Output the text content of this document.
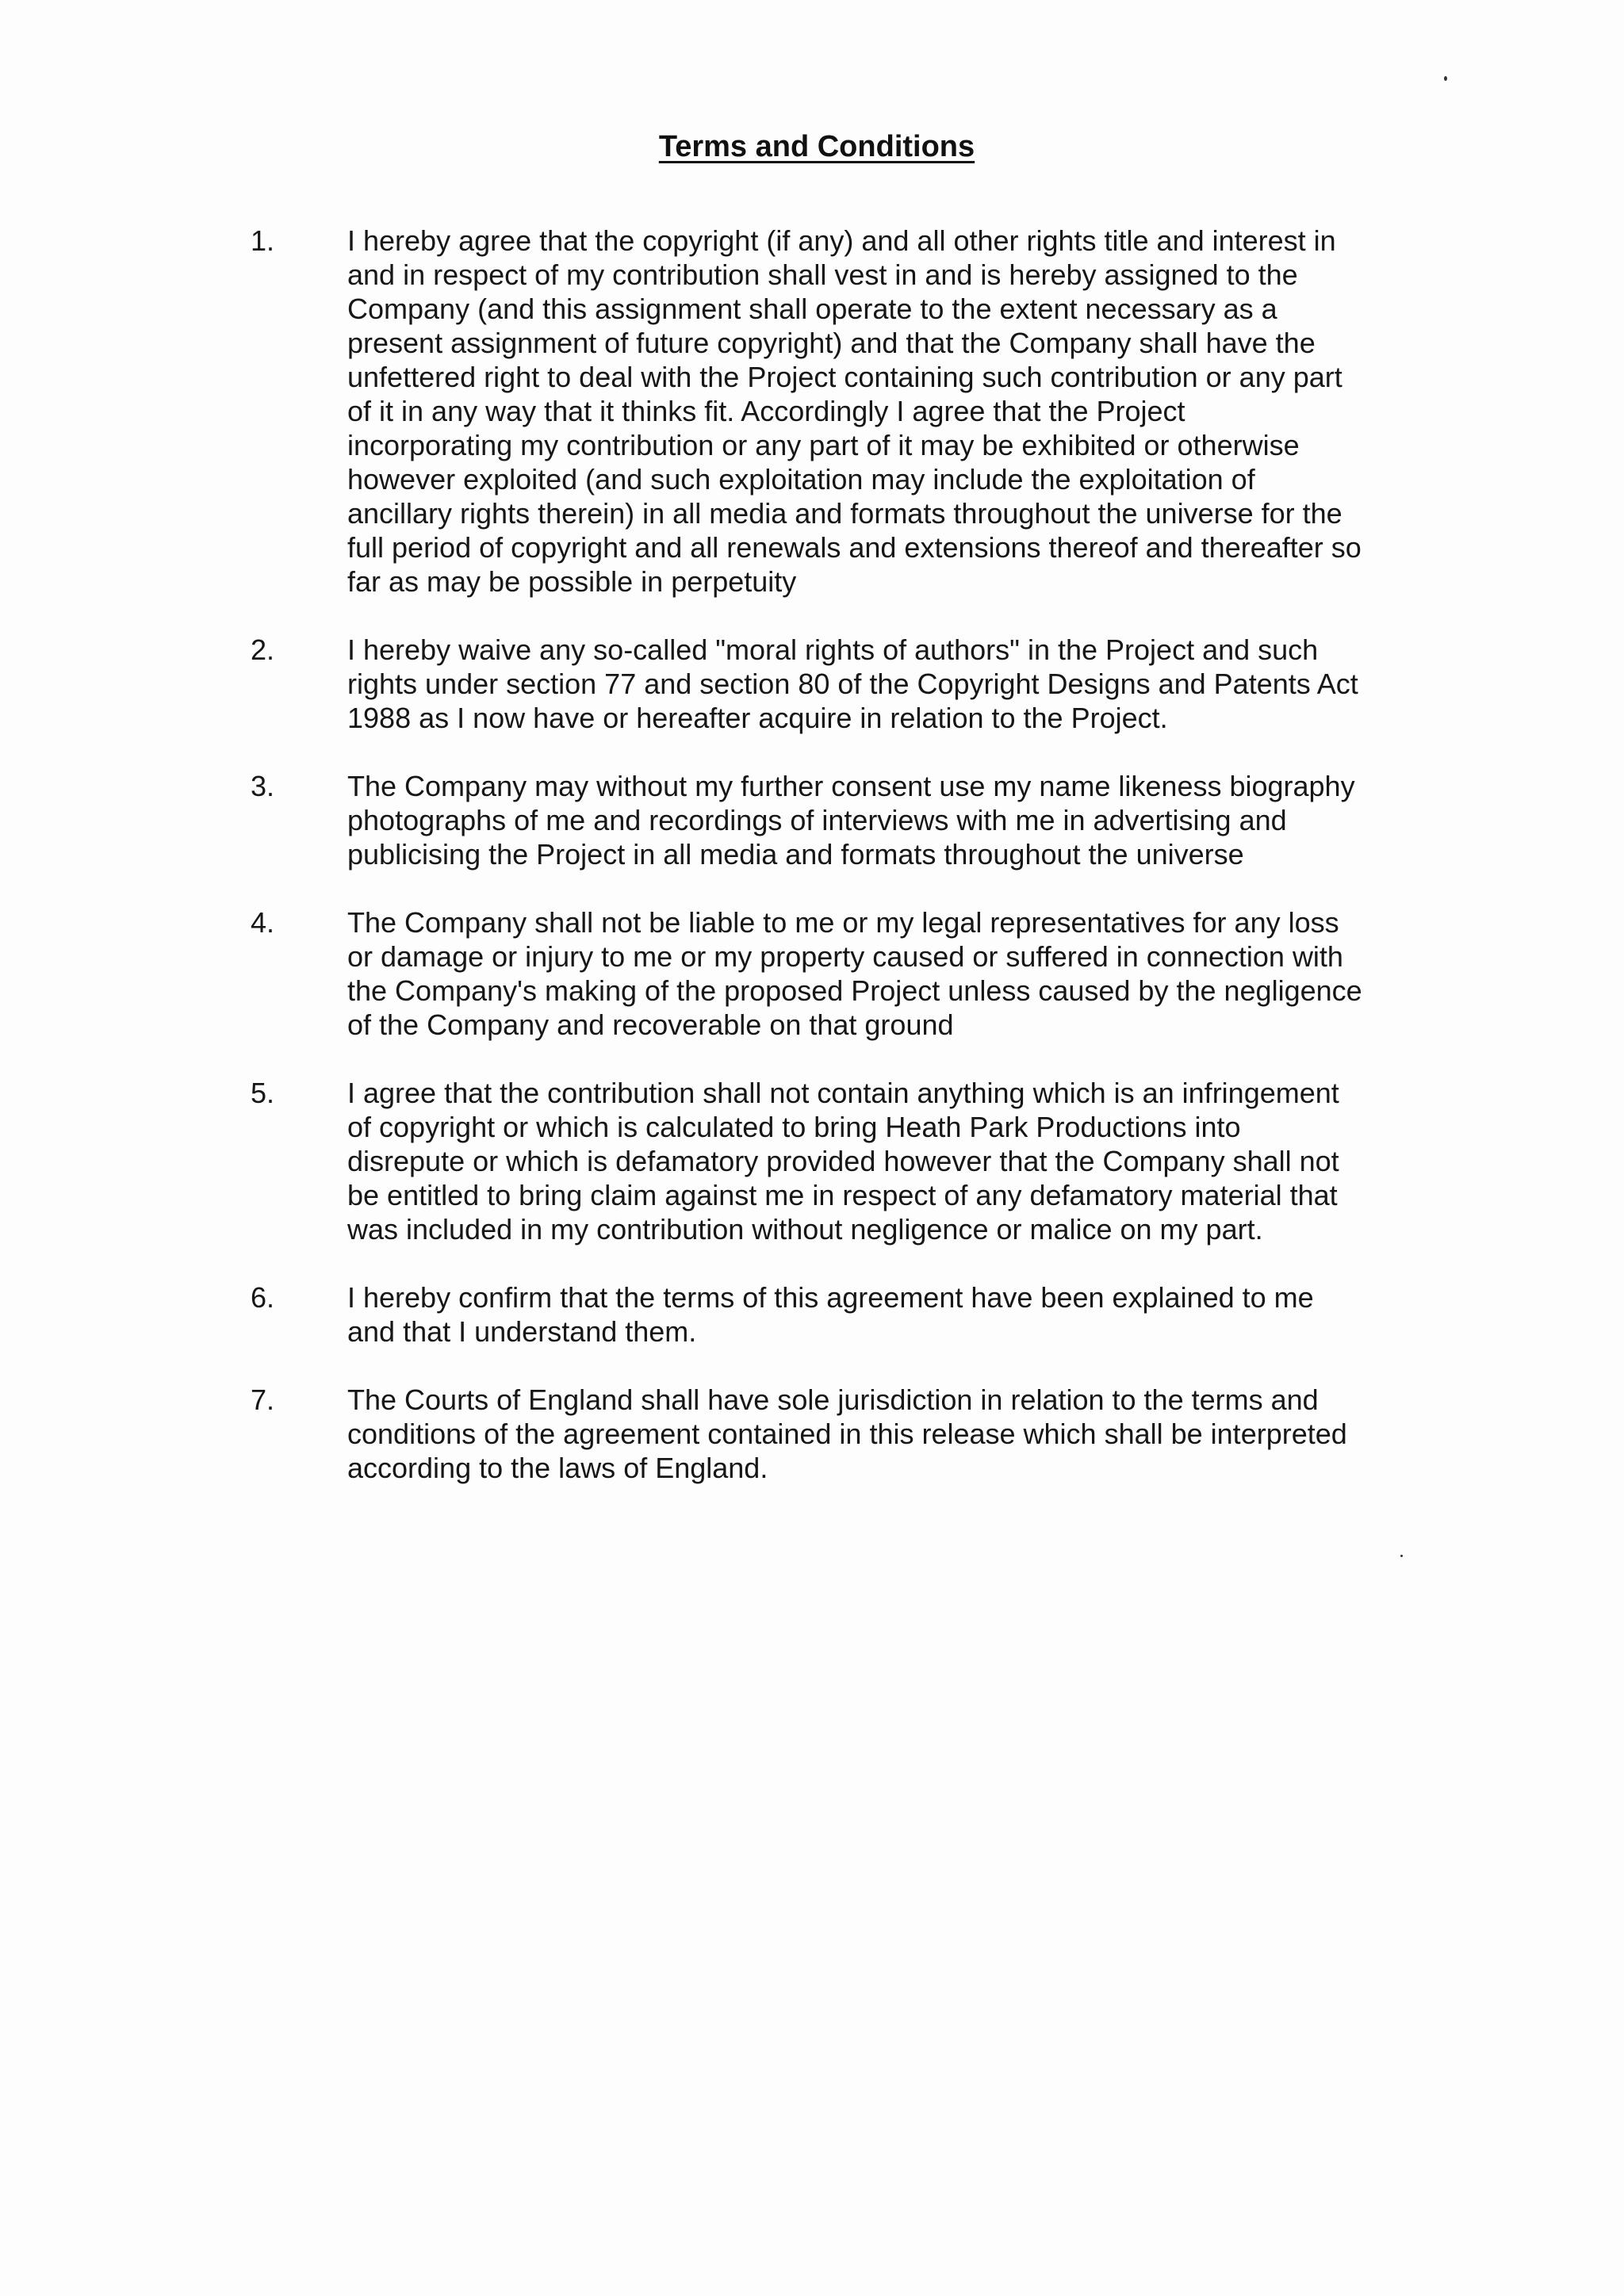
Terms and Conditions
1.	I hereby agree that the copyright (if any) and all other rights title and interest in
and in respect of my contribution shall vest in and is hereby assigned to the
Company (and this assignment shall operate to the extent necessary as a
present assignment of future copyright) and that the Company shall have the
unfettered right to deal with the Project containing such contribution or any part
of it in any way that it thinks fit. Accordingly I agree that the Project
incorporating my contribution or any part of it may be exhibited or otherwise
however exploited (and such exploitation may include the exploitation of
ancillary rights therein) in all media and formats throughout the universe for the
full period of copyright and all renewals and extensions thereof and thereafter so
far as may be possible in perpetuity
2.	I hereby waive any so-called "moral rights of authors" in the Project and such
rights under section 77 and section 80 of the Copyright Designs and Patents Act
1988 as I now have or hereafter acquire in relation to the Project.
3.	The Company may without my further consent use my name likeness biography
photographs of me and recordings of interviews with me in advertising and
publicising the Project in all media and formats throughout the universe
4.	The Company shall not be liable to me or my legal representatives for any loss
or damage or injury to me or my property caused or suffered in connection with
the Company's making of the proposed Project unless caused by the negligence
of the Company and recoverable on that ground
5.	I agree that the contribution shall not contain anything which is an infringement
of copyright or which is calculated to bring Heath Park Productions into
disrepute or which is defamatory provided however that the Company shall not
be entitled to bring claim against me in respect of any defamatory material that
was included in my contribution without negligence or malice on my part.
6.	I hereby confirm that the terms of this agreement have been explained to me
and that I understand them.
7.	The Courts of England shall have sole jurisdiction in relation to the terms and
conditions of the agreement contained in this release which shall be interpreted
according to the laws of England.
